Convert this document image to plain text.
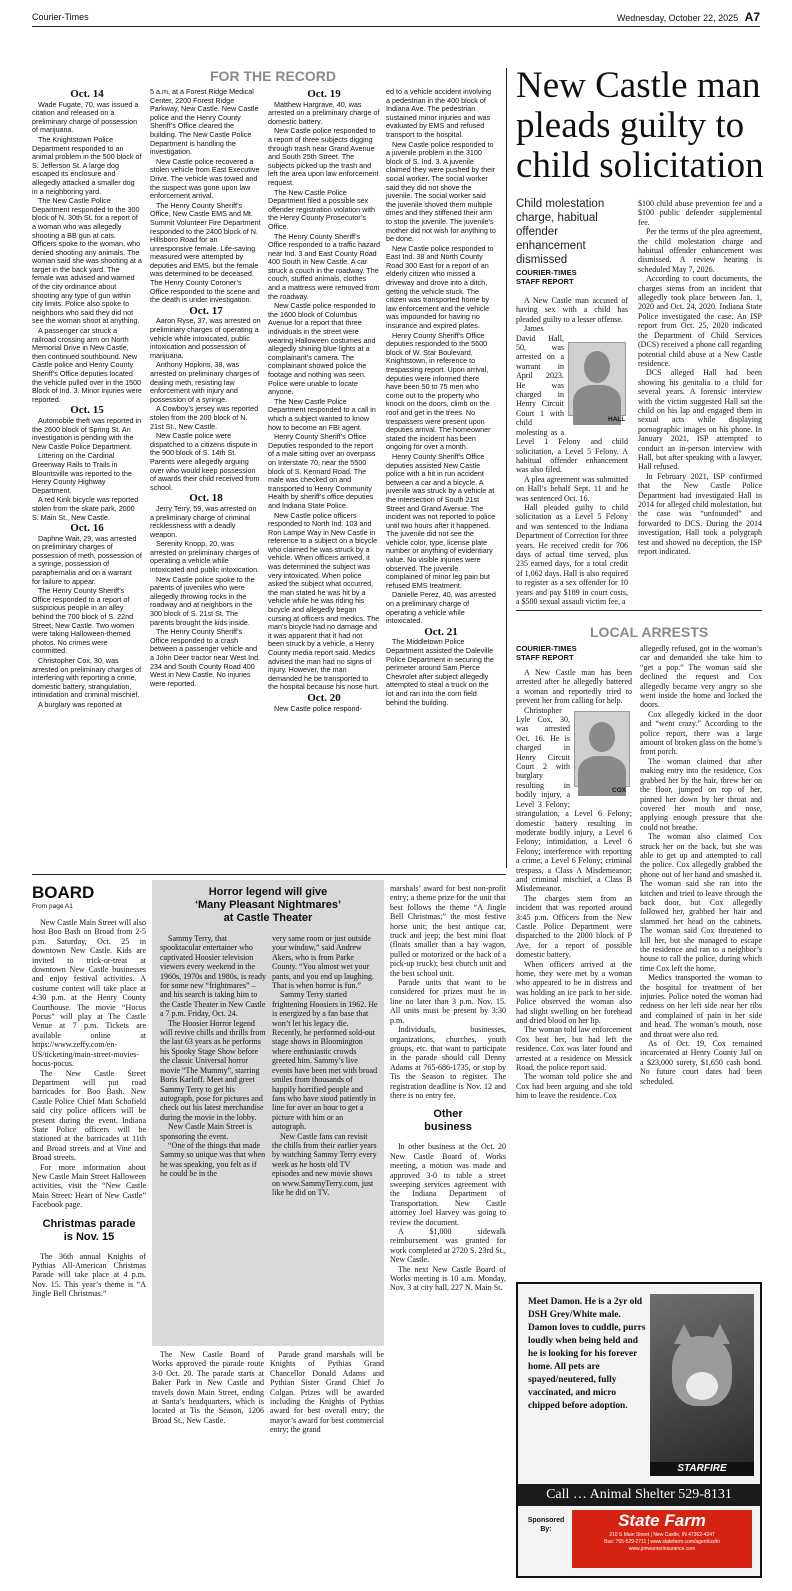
Courier-Times	Wednesday, October 22, 2025 A7
FOR THE RECORD
Oct. 14

Wade Fugate, 70, was issued a citation and released on a preliminary charge of possession of marijuana.

The Knightstown Police Department responded to an animal problem in the 500 block of S. Jefferson St. A large dog escaped its enclosure and allegedly attacked a smaller dog in a neighboring yard.

The New Castle Police Department responded to the 300 block of N. 30th St. for a report of a woman who was allegedly shooting a BB gun at cats. Officers spoke to the woman, who denied shooting any animals. The woman said she was shooting at a target in the back yard. The female was advised and warned of the city ordinance about shooting any type of gun within city limits. Police also spoke to neighbors who said they did not see the woman shoot at anything.

A passenger car struck a railroad crossing arm on North Memorial Drive in New Castle, then continued southbound. New Castle police and Henry County Sheriff’s Office deputies located the vehicle pulled over in the 1500 Block of Ind. 3. Minor injuries were reported.

Oct. 15

Automobile theft was reported in the 2600 block of Spring St. An investigation is pending with the New Castle Police Department.

Littering on the Cardinal Greenway Rails to Trails in Blountsville was reported to the Henry County Highway Department.

A red Kink bicycle was reported stolen from the skate park, 2000 S. Main St., New Castle.

Oct. 16

Daphne Wait, 29, was arrested on preliminary charges of possession of meth, possession of a syringe, possession of paraphernalia and on a warrant for failure to appear.

The Henry County Sheriff’s Office responded to a report of suspicious people in an alley behind the 700 block of S. 22nd Street, New Castle. Two women were taking Halloween-themed photos. No crimes were committed.

Christopher Cox, 30, was arrested on preliminary charges of interfering with reporting a crime, domestic battery, strangulation, intimidation and criminal mischief.

A burglary was reported at

5 a.m. at a Forest Ridge Medical Center, 2200 Forest Ridge Parkway, New Castle. New Castle police and the Henry County Sheriff’s Office cleared the building. The New Castle Police Department is handling the investigation.

New Castle police recovered a stolen vehicle from East Executive Drive. The vehicle was towed and the suspect was gone upon law enforcement arrival.

The Henry County Sheriff’s Office, New Castle EMS and Mt. Summit Volunteer Fire Department responded to the 2400 block of N. Hillsboro Road for an unresponsive female. Life-saving measured were attempted by deputies and EMS, but the female was determined to be deceased. The Henry County Coroner’s Office responded to the scene and the death is under investigation.

Oct. 17

Aaron Ryse, 37, was arrested on preliminary charges of operating a vehicle while intoxicated, public intoxication and possession of marijuana.

Anthony Hopkins, 38, was arrested on preliminary charges of dealing meth, resisting law enforcement with injury and possession of a syringe.

A Cowboy’s jersey was reported stolen from the 200 block of N. 21st St., New Castle.

New Castle police were dispatched to a citizens dispute in the 900 block of S. 14th St. Parents were allegedly arguing over who would keep possession of awards their child received from school.

Oct. 18

Jerry Terry, 59, was arrested on a preliminary charge of criminal recklessness with a deadly weapon.

Serenity Knopp, 20, was arrested on preliminary charges of operating a vehicle while intoxicated and public intoxication.

New Castle police spoke to the parents of juveniles who were allegedly throwing rocks in the roadway and at neighbors in the 300 block of S. 21st St. The parents brought the kids inside.

The Henry County Sheriff’s Office responded to a crash between a passenger vehicle and a John Deer tractor near West Ind. 234 and South County Road 400 West in New Castle. No injuries were reported.

Oct. 19

Matthew Hargrave, 40, was arrested on a preliminary charge of domestic battery.

New Castle police responded to a report of three subjects digging through trash near Grand Avenue and South 25th Street. The subjects picked up the trash and left the area upon law enforcement request.

The New Castle Police Department filed a possible sex offender registration violation with the Henry County Prosecutor’s Office.

The Henry County Sheriff’s Office responded to a traffic hazard near Ind. 3 and East County Road 400 South in New Castle. A car struck a couch in the roadway. The couch, stuffed animals, clothes and a mattress were removed from the roadway.

New Castle police responded to the 1600 block of Columbus Avenue for a report that three individuals in the street were wearing Halloween costumes and allegedly shining blue lights at a complainant’s camera. The complainant showed police the footage and nothing was seen. Police were unable to locate anyone.

The New Castle Police Department responded to a call in which a subject wanted to know how to become an FBI agent.

Henry County Sheriff’s Office Deputies responded to the report of a male sitting over an overpass on Interstate 70, near the 5500 block of S. Kennard Road. The male was checked on and transported to Henry Community Health by sheriff’s office deputies and Indiana State Police.

New Castle police officers responded to North Ind. 103 and Ron Lampe Way in New Castle in reference to a subject on a bicycle who claimed he was struck by a vehicle. When officers arrived, it was determined the subject was very intoxicated. When police asked the subject what occurred, the man stated he was hit by a vehicle while he was riding his bicycle and allegedly began cursing at officers and medics. The man’s bicycle had no damage and it was apparent that it had not been struck by a vehicle, a Henry County media report said. Medics advised the man had no signs of injury. However, the man demanded he be transported to the hospital because his nose hurt.

Oct. 20

New Castle police respond-

ed to a vehicle accident involving a pedestrian in the 400 block of Indiana Ave. The pedestrian sustained minor injuries and was evaluated by EMS and refused transport to the hospital.

New Castle police responded to a juvenile problem in the 3100 block of S. Ind. 3. A juvenile claimed they were pushed by their social worker. The social worker said they did not shove the juvenile. The social worker said the juvenile shoved them multiple times and they stiffened their arm to stop the juvenile. The juvenile’s mother did not wish for anything to be done.

New Castle police responded to East Ind. 38 and North County Road 300 East for a report of an elderly citizen who missed a driveway and drove into a ditch, getting the vehicle stuck. The citizen was transported home by law enforcement and the vehicle was impounded for having no insurance and expired plates.

Henry County Sheriff’s Office deputies responded to the 5600 block of W. Star Boulevard, Knightstown, in reference to trespassing report. Upon arrival, deputies were informed there have been 50 to 75 men who come out to the property who knock on the doors, climb on the roof and get in the trees. No trespassers were present upon deputies arrival. The homeowner stated the incident has been ongoing for over a month.

Henry County Sheriff’s Office deputies assisted New Castle police with a hit in run accident between a car and a bicycle. A juvenile was struck by a vehicle at the intersection of South 21st Street and Grand Avenue. The incident was not reported to police until two hours after it happened. The juvenile did not see the vehicle color, type, license plate number or anything of evidentiary value. No visible injuries were observed. The juvenile complained of minor leg pain but refused EMS treatment.

Danielle Perez, 40, was arrested on a preliminary charge of operating a vehicle while intoxicated.

Oct. 21

The Middletown Police Department assisted the Daleville Police Department in securing the perimeter around Sam Pierce Chevrolet after subject allegedly attempted to steal a truck on the lot and ran into the corn field behind the building.

New Castle man pleads guilty to child solicitation
Child molestation charge, habitual offender enhancement dismissed
COURIER-TIMES
STAFF REPORT

A New Castle man accused of having sex with a child has pleaded guilty to a lesser offense.

James David Hall, 50, was arrested on a warrant in April 2023. He was charged in Henry Circuit Court 1 with child molesting as a Level 1 Felony and child solicitation, a Level 5 Felony. A habitual offender enhancement was also filed.

A plea agreement was submitted on Hall’s behalf Sept. 11 and he was sentenced Oct. 16.

Hall pleaded guilty to child solicitation as a Level 5 Felony and was sentenced to the Indiana Department of Correction for three years. He received credit for 706 days of actual time served, plus 235 earned days, for a total credit of 1,062 days. Hall is also required to register as a sex offender for 10 years and pay $189 in court costs, a $500 sexual assault victim fee, a

HALL

$100 child abuse prevention fee and a $100 public defender supplemental fee.

Per the terms of the plea agreement, the child molestation charge and habitual offender enhancement was dismissed. A review hearing is scheduled May 7, 2026.

According to court documents, the charges stems from an incident that allegedly took place between Jan. 1, 2020 and Oct. 24, 2020. Indiana State Police investigated the case. An ISP report from Oct. 25, 2020 indicated the Department of Child Services (DCS) received a phone call regarding potential child abuse at a New Castle residence.

DCS alleged Hall had been showing his genitalia to a child for several years. A forensic interview with the victim suggested Hall sat the child on his lap and engaged them in sexual acts while displaying pornographic images on his phone. In January 2021, ISP attempted to conduct an in-person interview with Hall, but after speaking with a lawyer, Hall refused.

In February 2021, ISP confirmed that the New Castle Police Department had investigated Hall in 2014 for alleged child molestation, but the case was “unfounded” and forwarded to DCS. During the 2014 investigation, Hall took a polygraph test and showed no deception, the ISP report indicated.

LOCAL ARRESTS
COURIER-TIMES
STAFF REPORT

A New Castle man has been arrested after he allegedly battered a woman and reportedly tried to prevent her from calling for help.

Christopher Lyle Cox, 30, was arrested Oct. 16. He is charged in Henry Circuit Court 2 with burglary resulting in bodily injury, a Level 3 Felony; strangulation, a Level 6 Felony; domestic battery resulting in moderate bodily injury, a Level 6 Felony; intimidation, a Level 6 Felony; interference with reporting a crime, a Level 6 Felony; criminal trespass, a Class A Misdemeanor; and criminal mischief, a Class B Misdemeanor.

The charges stem from an incident that was reported around 3:45 p.m. Officers from the New Castle Police Department were dispatched to the 2000 block of P Ave. for a report of possible domestic battery.

When officers arrived at the home, they were met by a woman who appeared to be in distress and was holding an ice pack to her side. Police observed the woman also had slight swelling on her forehead and dried blood on her lip.

The woman told law enforcement Cox beat her, but had left the residence. Cox was later found and arrested at a residence on Messick Road, the police report said.

The woman told police she and Cox had been arguing and she told him to leave the residence. Cox

COX

allegedly refused, got in the woman’s car and demanded she take him to “get a pop.” The woman said she declined the request and Cox allegedly became very angry so she went inside the home and locked the doors.

Cox allegedly kicked in the door and “went crazy.” According to the police report, there was a large amount of broken glass on the home’s front porch.

The woman claimed that after making entry into the residence, Cox grabbed her by the hair, threw her on the floor, jumped on top of her, pinned her down by her throat and covered her mouth and nose, applying enough pressure that she could not breathe.

The woman also claimed Cox struck her on the back, but she was able to get up and attempted to call the police. Cox allegedly grabbed the phone out of her hand and smashed it. The woman said she ran into the kitchen and tried to leave through the back door, but Cox allegedly followed her, grabbed her hair and slammed her head on the cabinets. The woman said Cox threatened to kill her, but she managed to escape the residence and ran to a neighbor’s house to call the police, during which time Cox left the home.

Medics transported the woman to the hospital for treatment of her injuries. Police noted the woman had redness on her left side near her ribs and complained of pain in her side and head. The woman’s mouth, nose and throat were also red.

As of Oct. 19, Cox remained incarcerated at Henry County Jail on a $23,000 surety, $1,650 cash bond. No future court dates had been scheduled.

BOARD
From page A1

New Castle Main Street will also host Boo Bash on Broad from 2-5 p.m. Saturday, Oct. 25 in downtown New Castle. Kids are invited to trick-or-treat at downtown New Castle businesses and enjoy festival activities. A costume contest will take place at 4:30 p.m. at the Henry County Courthouse. The movie “Hocus Pocus” will play at The Castle Venue at 7 p.m. Tickets are available online at https://www.zeffy.com/en-US/ticketing/main-street-movies-hocus-pocus.

The New Castle Street Department will put road barricades for Boo Bash. New Castle Police Chief Matt Schofield said city police officers will be present during the event. Indiana State Police officers will be stationed at the barricades at 11th and Broad streets and at Vine and Broad streets.

For more information about New Castle Main Street Halloween activities, visit the “New Castle Main Street: Heart of New Castle” Facebook page.

Christmas parade is Nov. 15

The 36th annual Knights of Pythias All-American Christmas Parade will take place at 4 p.m. Nov. 15. This year’s theme is “A Jingle Bell Christmas.”

Horror legend will give
‘Many Pleasant Nightmares’
at Castle Theater

Sammy Terry, that spooktacular entertainer who captivated Hoosier television viewers every weekend in the 1960s, 1970s and 1980s, is ready for some new “frightmares” – and his search is taking him to the Castle Theater in New Castle a 7 p.m. Friday, Oct. 24.

The Hoosier Horror legend will revive chills and thrills from the last 63 years as he performs his Spooky Stage Show before the classic Universal horror movie “The Mummy”, starring Boris Karloff. Meet and greet Sammy Terry to get his autograph, pose for pictures and check out his latest merchandise during the movie in the lobby.

New Castle Main Street is sponsoring the event.

“One of the things that made Sammy so unique was that when he was speaking, you felt as if he could be in the

very same room or just outside your window,” said Andrew Akers, who is from Parke County. “You almost wet your pants, and you end up laughing. That is when horror is fun.”

Sammy Terry started frightening Hoosiers in 1962. He is energized by a fan base that won’t let his legacy die. Recently, he performed sold-out stage shows in Bloomington where enthusiastic crowds greeted him. Sammy’s live events have been met with broad smiles from thousands of happily horrified people and fans who have stood patiently in line for over an hour to get a picture with him or an autograph.

New Castle fans can revisit the chills from their earlier years by watching Sammy Terry every week as he hosts old TV episodes and new movie shows on www.SammyTerry.com, just like he did on TV.

The New Castle Board of Works approved the parade route 3-0 Oct. 20. The parade starts at Baker Park in New Castle and travels down Main Street, ending at Santa’s headquarters, which is located at Tis the Season, 1206 Broad St., New Castle.

Parade grand marshals will be Knights of Pythias Grand Chancellor Donald Adams and Pythian Sister Grand Chief Jo Colgan. Prizes will be awarded including the Knights of Pythias award for best overall entry; the mayor’s award for best commercial entry; the grand

marshals’ award for best non-profit entry; a theme prize for the unit that best follows the theme “A Jingle Bell Christmas;” the most festive horse unit; the best antique car, truck and jeep; the best mini float (floats smaller than a hay wagon, pulled or motorized or the back of a pick-up truck); best church unit and the best school unit.

Parade units that want to be considered for prizes must be in line no later than 3 p.m. Nov. 15. All units must be present by 3:30 p.m.

Individuals, businesses, organizations, churches, youth groups, etc. that want to participate in the parade should call Denny Adams at 765-686-1735, or stop by Tis the Season to register. The registration deadline is Nov. 12 and there is no entry fee.

Other business

In other business at the Oct. 20 New Castle Board of Works meeting, a motion was made and approved 3-0 to table a street sweeping services agreement with the Indiana Department of Transportation. New Castle attorney Joel Harvey was going to review the document.

A $1,000 sidewalk reimbursement was granted for work completed at 2720 S. 23rd St., New Castle.

The next New Castle Board of Works meeting is 10 a.m. Monday, Nov. 3 at city hall, 227 N. Main St.

Meet Damon. He is a 2yr old DSH Grey/White male. Damon loves to cuddle, purrs loudly when being held and he is looking for his forever home. All pets are spayed/neutered, fully vaccinated, and micro chipped before adoption.
STARFIRE
Call … Animal Shelter 529-8131
Sponsored By:	State Farm
210 S Main Street | New Castle, IN 47362-4247
Bus: 765-529-2711 | www.statefarm.com/agent/us/in
www.jonwarnerinsurance.com
